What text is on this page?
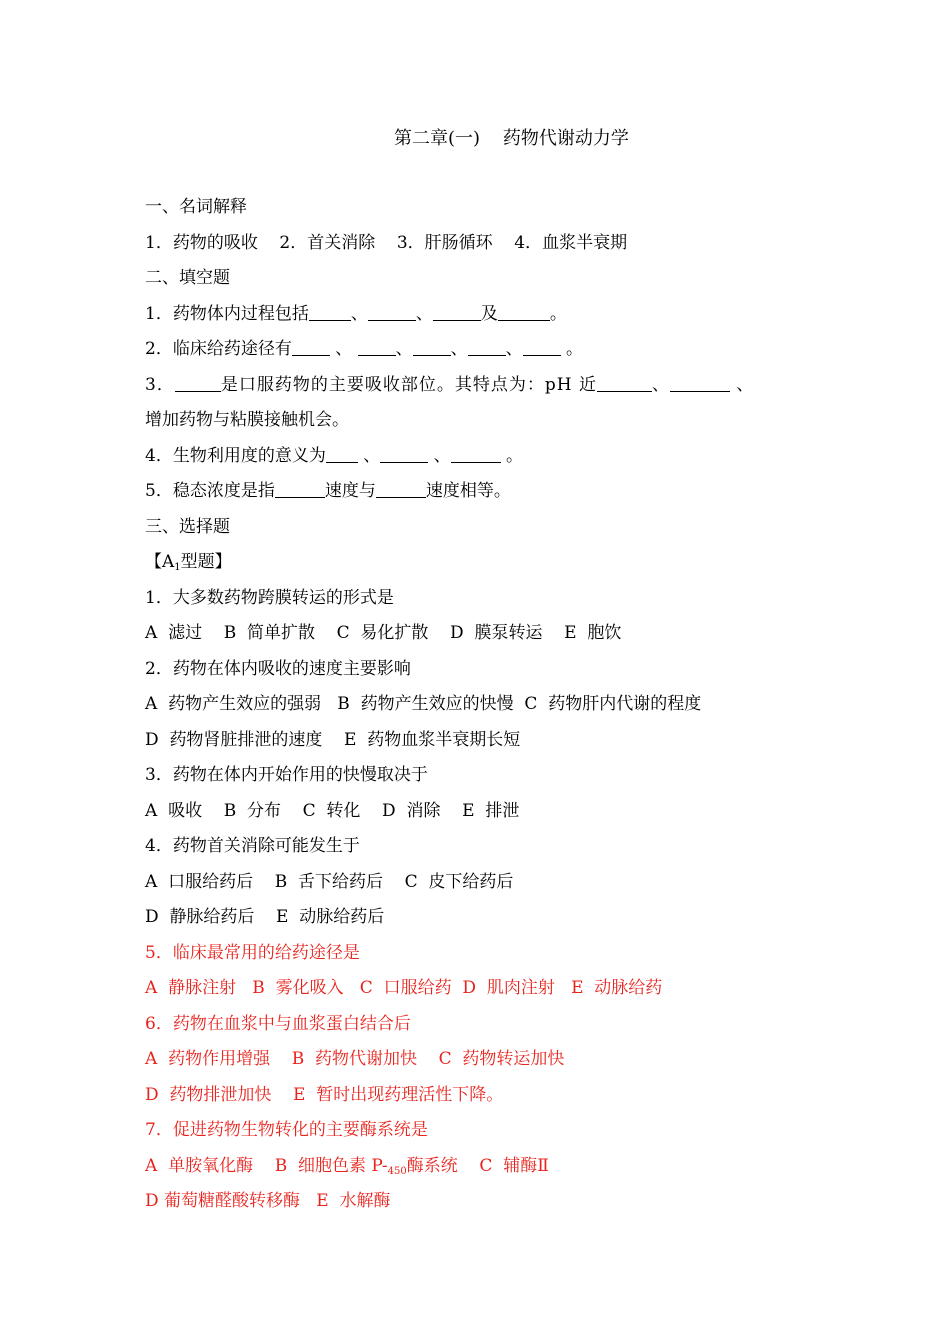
第二章(一)    药物代谢动力学
一、名词解释
1．药物的吸收    2．首关消除    3．肝肠循环    4．血浆半衰期
二、填空题
1．药物体内过程包括 、	、	及	。
2．临床给药途径有 、 、 、 、 。
3．	是口服药物的主要吸收部位。其特点为：pH 近	、	、
增加药物与粘膜接触机会。
4．生物利用度的意义为 、	、	。
5．稳态浓度是指	速度与	速度相等。
三、选择题
【$A_1$型题】
1．大多数药物跨膜转运的形式是
A  滤过    B  简单扩散    C  易化扩散    D  膜泵转运    E  胞饮
2．药物在体内吸收的速度主要影响
A  药物产生效应的强弱   B  药物产生效应的快慢  C  药物肝内代谢的程度
D  药物肾脏排泄的速度    E  药物血浆半衰期长短
3．药物在体内开始作用的快慢取决于
A  吸收    B  分布    C  转化    D  消除    E  排泄
4．药物首关消除可能发生于
A  口服给药后    B  舌下给药后    C  皮下给药后
D  静脉给药后    E  动脉给药后
5．临床最常用的给药途径是
A  静脉注射   B  雾化吸入   C  口服给药  D  肌肉注射   E  动脉给药
6．药物在血浆中与血浆蛋白结合后
A  药物作用增强    B  药物代谢加快    C  药物转运加快
D  药物排泄加快    E  暂时出现药理活性下降。
7．促进药物生物转化的主要酶系统是
A  单胺氧化酶    B  细胞色素 $P-_{450}$酶系统    C  辅酶Ⅱ
D 葡萄糖醛酸转移酶   E  水解酶
